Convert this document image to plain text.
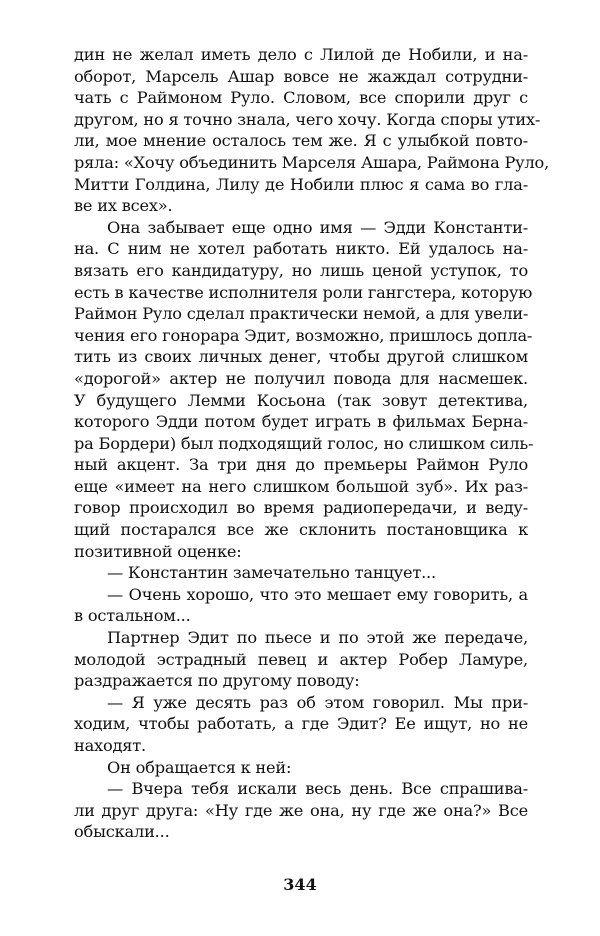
дин не желал иметь дело с Лилой де Нобили, и на-
оборот, Марсель Ашар вовсе не жаждал сотрудни-
чать с Раймоном Руло. Словом, все спорили друг с
другом, но я точно знала, чего хочу. Когда споры утих-
ли, мое мнение осталось тем же. Я с улыбкой повто-
ряла: «Хочу объединить Марселя Ашара, Раймона Руло,
Митти Голдина, Лилу де Нобили плюс я сама во гла-
ве их всех».
Она забывает еще одно имя — Эдди Константи-
на. С ним не хотел работать никто. Ей удалось на-
вязать его кандидатуру, но лишь ценой уступок, то
есть в качестве исполнителя роли гангстера, которую
Раймон Руло сделал практически немой, а для увели-
чения его гонорара Эдит, возможно, пришлось допла-
тить из своих личных денег, чтобы другой слишком
«дорогой» актер не получил повода для насмешек.
У будущего Лемми Косьона (так зовут детектива,
которого Эдди потом будет играть в фильмах Берна-
ра Бордери) был подходящий голос, но слишком силь-
ный акцент. За три дня до премьеры Раймон Руло
еще «имеет на него слишком большой зуб». Их раз-
говор происходил во время радиопередачи, и веду-
щий постарался все же склонить постановщика к
позитивной оценке:
— Константин замечательно танцует...
— Очень хорошо, что это мешает ему говорить, а
в остальном...
Партнер Эдит по пьесе и по этой же передаче,
молодой эстрадный певец и актер Робер Ламуре,
раздражается по другому поводу:
— Я уже десять раз об этом говорил. Мы при-
ходим, чтобы работать, а где Эдит? Ее ищут, но не
находят.
Он обращается к ней:
— Вчера тебя искали весь день. Все спрашива-
ли друг друга: «Ну где же она, ну где же она?» Все
обыскали...
344
